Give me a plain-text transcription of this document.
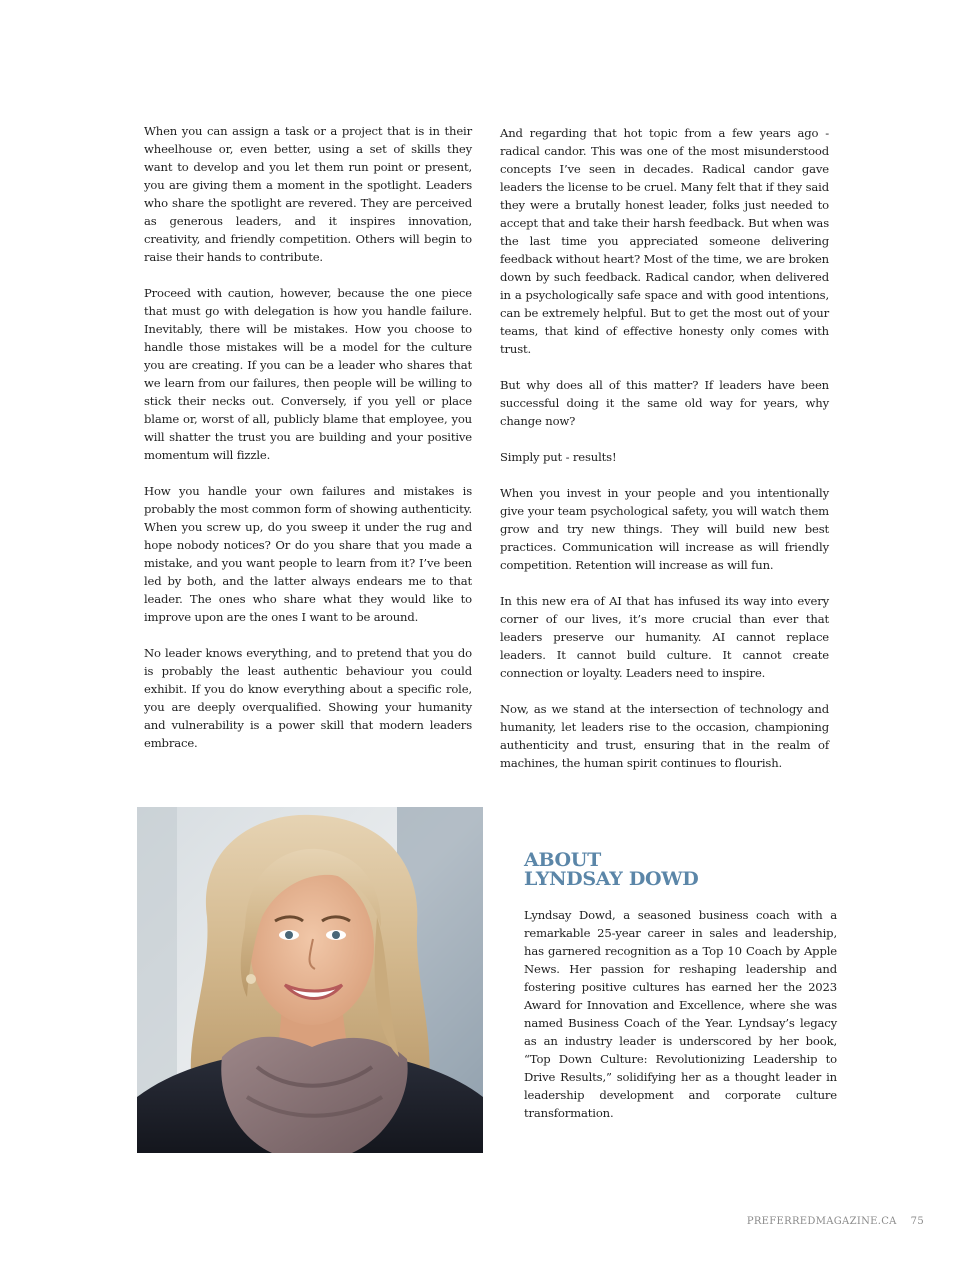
When you can assign a task or a project that is in their wheelhouse or, even better, using a set of skills they want to develop and you let them run point or present, you are giving them a moment in the spotlight. Leaders who share the spotlight are revered. They are perceived as generous leaders, and it inspires innovation, creativity, and friendly competition. Others will begin to raise their hands to contribute.

Proceed with caution, however, because the one piece that must go with delegation is how you handle failure. Inevitably, there will be mistakes. How you choose to handle those mistakes will be a model for the culture you are creating. If you can be a leader who shares that we learn from our failures, then people will be willing to stick their necks out. Conversely, if you yell or place blame or, worst of all, publicly blame that employee, you will shatter the trust you are building and your positive momentum will fizzle.

How you handle your own failures and mistakes is probably the most common form of showing authenticity. When you screw up, do you sweep it under the rug and hope nobody notices? Or do you share that you made a mistake, and you want people to learn from it? I’ve been led by both, and the latter always endears me to that leader. The ones who share what they would like to improve upon are the ones I want to be around.

No leader knows everything, and to pretend that you do is probably the least authentic behaviour you could exhibit. If you do know everything about a specific role, you are deeply overqualified. Showing your humanity and vulnerability is a power skill that modern leaders embrace.

And regarding that hot topic from a few years ago - radical candor. This was one of the most misunderstood concepts I’ve seen in decades. Radical candor gave leaders the license to be cruel. Many felt that if they said they were a brutally honest leader, folks just needed to accept that and take their harsh feedback. But when was the last time you appreciated someone delivering feedback without heart? Most of the time, we are broken down by such feedback. Radical candor, when delivered in a psychologically safe space and with good intentions, can be extremely helpful. But to get the most out of your teams, that kind of effective honesty only comes with trust.

But why does all of this matter? If leaders have been successful doing it the same old way for years, why change now?

Simply put - results!

When you invest in your people and you intentionally give your team psychological safety, you will watch them grow and try new things. They will build new best practices. Communication will increase as will friendly competition. Retention will increase as will fun.

In this new era of AI that has infused its way into every corner of our lives, it’s more crucial than ever that leaders preserve our humanity. AI cannot replace leaders. It cannot build culture. It cannot create connection or loyalty. Leaders need to inspire.

Now, as we stand at the intersection of technology and humanity, let leaders rise to the occasion, championing authenticity and trust, ensuring that in the realm of machines, the human spirit continues to flourish.

ABOUT
LYNDSAY DOWD
Lyndsay Dowd, a seasoned business coach with a remarkable 25-year career in sales and leadership, has garnered recognition as a Top 10 Coach by Apple News. Her passion for reshaping leadership and fostering positive cultures has earned her the 2023 Award for Innovation and Excellence, where she was named Business Coach of the Year. Lyndsay’s legacy as an industry leader is underscored by her book, “Top Down Culture: Revolutionizing Leadership to Drive Results,” solidifying her as a thought leader in leadership development and corporate culture transformation.
PREFERREDMAGAZINE.CA 75
